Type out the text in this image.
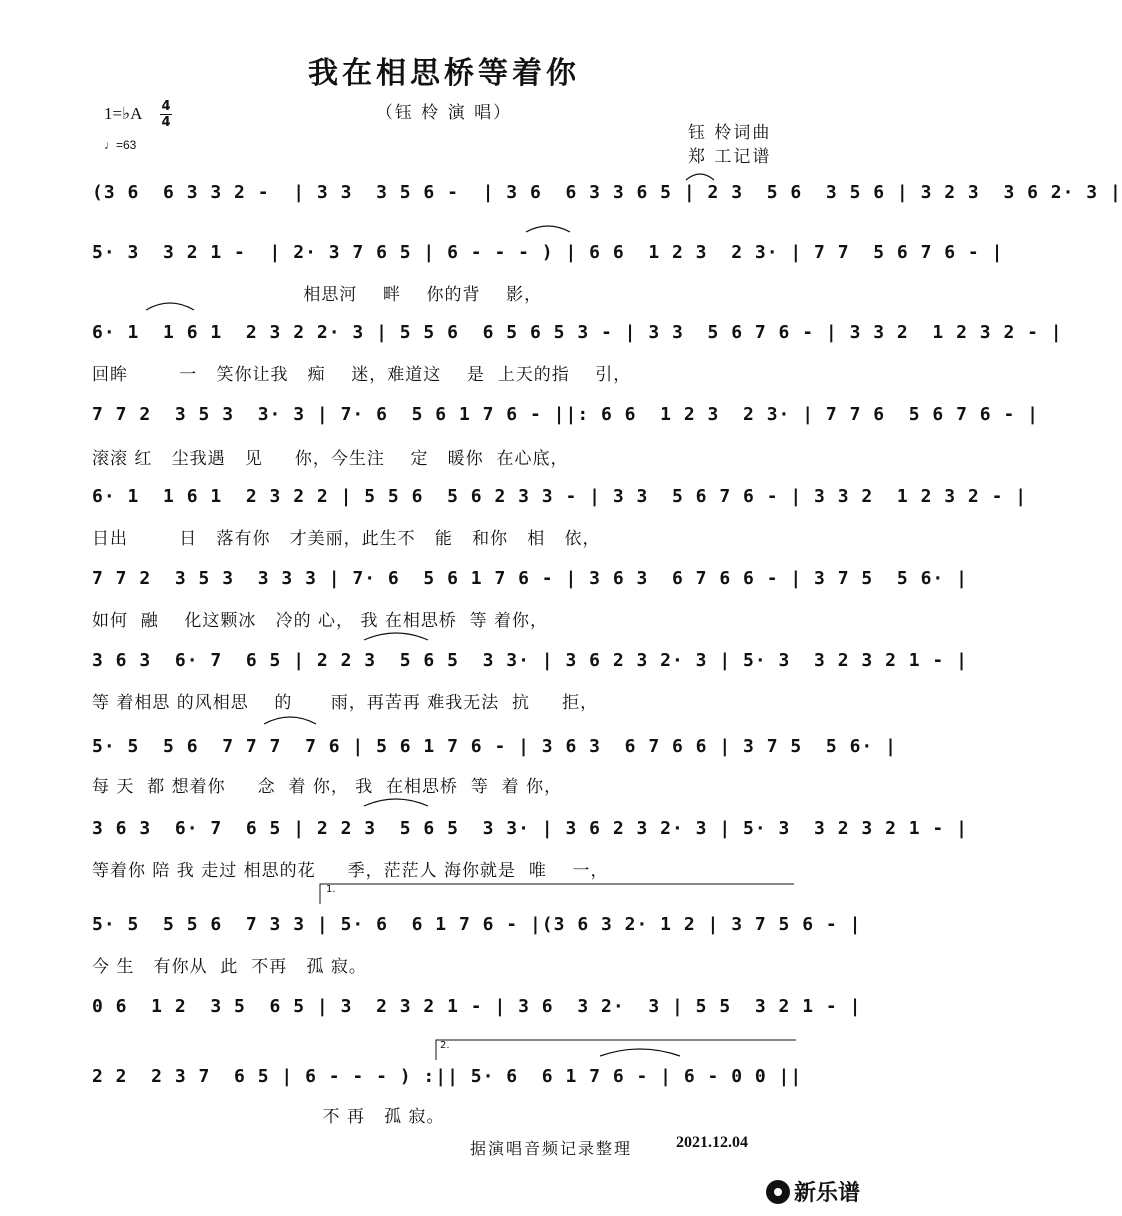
我在相思桥等着你
（钰 柃 演 唱）
1=♭A 4
4
♩=63
钰 柃词曲
郑 工记谱
(3 6  6 3 3 2 -  | 3 3  3 5 6 -  | 3 6  6 3 3 6 5 | 2 3  5 6  3 5 6 | 3 2 3  3 6 2· 3 |
5· 3  3 2 1 -  | 2· 3 7 6 5 | 6 - - - ) | 6 6  1 2 3  2 3· | 7 7  5 6 7 6 - |
相思河    畔    你的背    影，
6· 1  1 6 1  2 3 2 2· 3 | 5 5 6  6 5 6 5 3 - | 3 3  5 6 7 6 - | 3 3 2  1 2 3 2 - |
回眸        一   笑你让我   痴    迷，难道这    是  上天的指    引，
7 7 2  3 5 3  3· 3 | 7· 6  5 6 1 7 6 - ||: 6 6  1 2 3  2 3· | 7 7 6  5 6 7 6 - |
滚滚 红   尘我遇   见     你，今生注    定   暖你  在心底，
6· 1  1 6 1  2 3 2 2 | 5 5 6  5 6 2 3 3 - | 3 3  5 6 7 6 - | 3 3 2  1 2 3 2 - |
日出        日   落有你   才美丽，此生不   能   和你   相   依，
7 7 2  3 5 3  3 3 3 | 7· 6  5 6 1 7 6 - | 3 6 3  6 7 6 6 - | 3 7 5  5 6· |
如何  融    化这颗冰   冷的 心， 我 在相思桥  等 着你，
3 6 3  6· 7  6 5 | 2 2 3  5 6 5  3 3· | 3 6 2 3 2· 3 | 5· 3  3 2 3 2 1 - |
等 着相思 的风相思    的      雨，再苦再 难我无法  抗     拒，
5· 5  5 6  7 7 7  7 6 | 5 6 1 7 6 - | 3 6 3  6 7 6 6 | 3 7 5  5 6· |
每 天  都 想着你     念  着 你， 我  在相思桥  等  着 你，
3 6 3  6· 7  6 5 | 2 2 3  5 6 5  3 3· | 3 6 2 3 2· 3 | 5· 3  3 2 3 2 1 - |
等着你 陪 我 走过 相思的花     季，茫茫人 海你就是  唯    一，
1.
5· 5  5 5 6  7 3 3 | 5· 6  6 1 7 6 - |(3 6 3 2· 1 2 | 3 7 5 6 - |
今 生   有你从  此  不再   孤 寂。
0 6  1 2  3 5  6 5 | 3  2 3 2 1 - | 3 6  3 2·  3 | 5 5  3 2 1 - |
2.
2 2  2 3 7  6 5 | 6 - - - ) :|| 5· 6  6 1 7 6 - | 6 - 0 0 ||
不 再   孤 寂。
据演唱音频记录整理	2021.12.04
新乐谱
